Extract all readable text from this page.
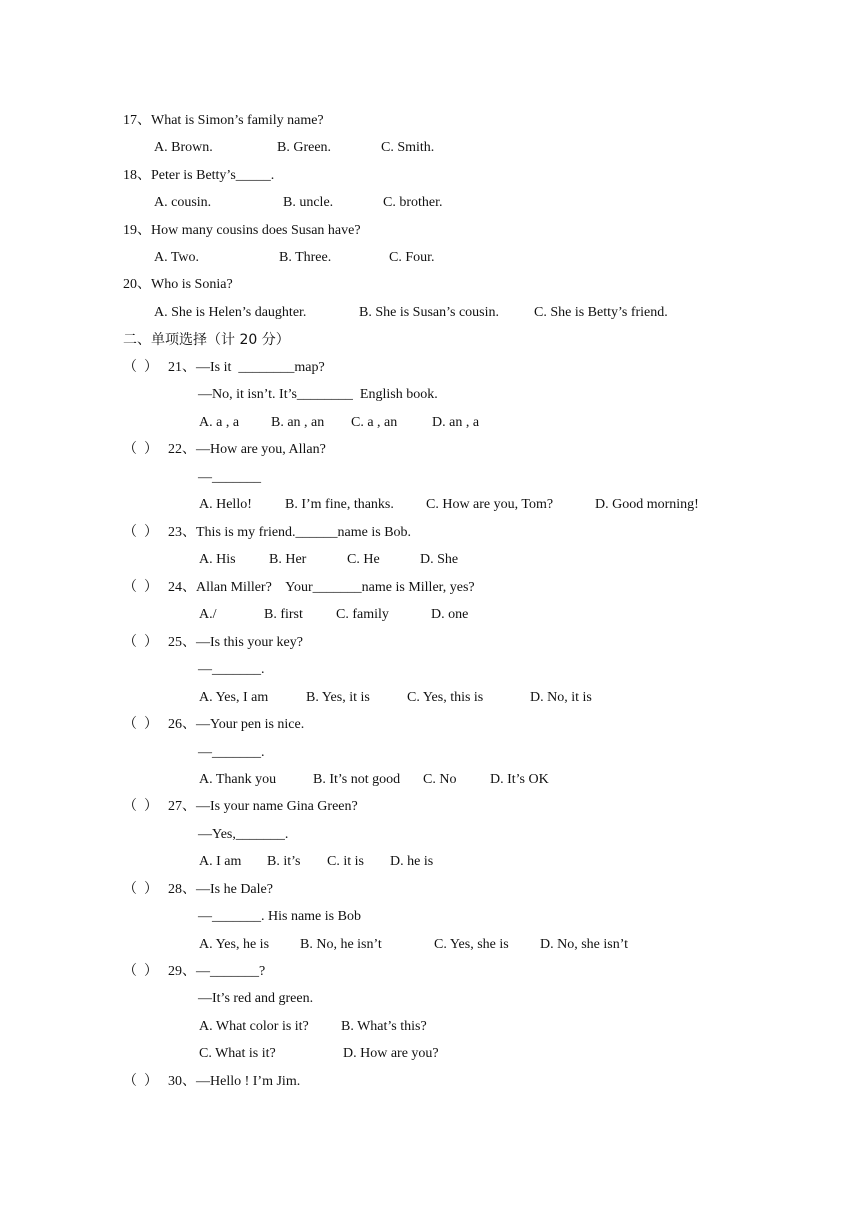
17、What is Simon’s family name?
A. Brown.	B. Green.	C. Smith.
18、Peter is Betty’s_____.
A. cousin.	B. uncle.	C. brother.
19、How many cousins does Susan have?
A. Two.	B. Three.	C. Four.
20、Who is Sonia?
A. She is Helen’s daughter.	B. She is Susan’s cousin. C. She is Betty’s friend.
二、单项选择（计 20 分）
（  ） 21、—Is it  ________map?
—No, it isn’t. It’s________  English book.
A. a , a B. an , an C. a , an D. an , a
（  ） 22、—How are you, Allan?
—_______
A. Hello! B. I’m fine, thanks. C. How are you, Tom?	D. Good morning!
（  ） 23、This is my friend.______name is Bob.
A. His B. Her	C. He	D. She
（  ） 24、Allan Miller?    Your_______name is Miller, yes?
A./	B. first C. family	D. one
（  ） 25、—Is this your key?
—_______.
A. Yes, I am	B. Yes, it is	C. Yes, this is	D. No, it is
（  ） 26、—Your pen is nice.
—_______.
A. Thank you	B. It’s not good C. No D. It’s OK
（  ） 27、—Is your name Gina Green?
—Yes,_______.
A. I am B. it’s C. it is D. he is
（  ） 28、—Is he Dale?
—_______. His name is Bob
A. Yes, he is B. No, he isn’t	C. Yes, she is D. No, she isn’t
（  ） 29、—_______?
—It’s red and green.
A. What color is it? B. What’s this?
C. What is it?	D. How are you?
（  ） 30、—Hello ! I’m Jim.
